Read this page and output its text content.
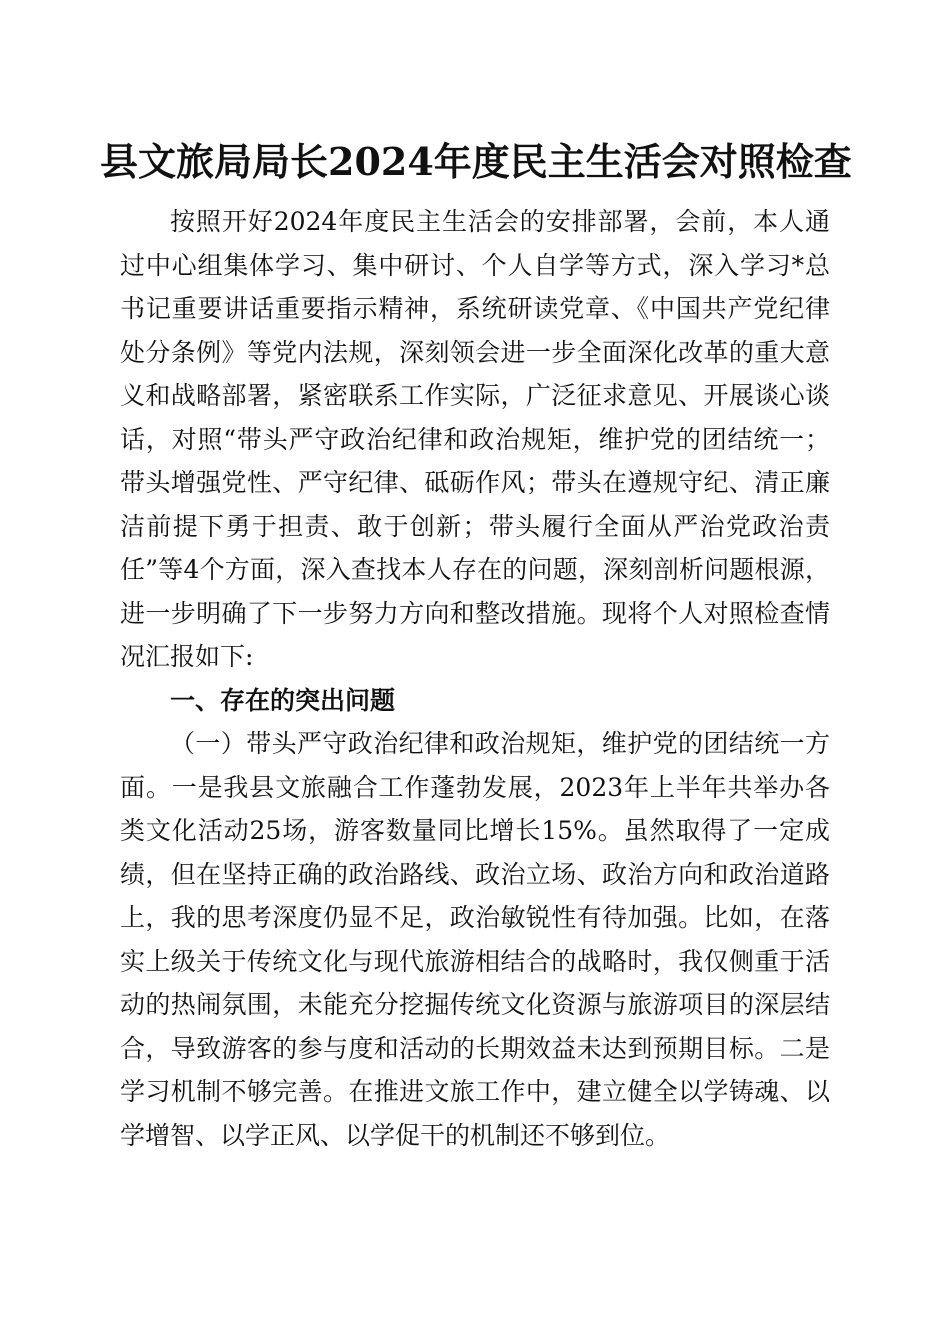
县文旅局局长2024年度民主生活会对照检查

按照开好2024年度民主生活会的安排部署，会前，本人通过中心组集体学习、集中研讨、个人自学等方式，深入学习*总书记重要讲话重要指示精神，系统研读党章、《中国共产党纪律处分条例》等党内法规，深刻领会进一步全面深化改革的重大意义和战略部署，紧密联系工作实际，广泛征求意见、开展谈心谈话，对照“带头严守政治纪律和政治规矩，维护党的团结统一；带头增强党性、严守纪律、砥砺作风；带头在遵规守纪、清正廉洁前提下勇于担责、敢于创新；带头履行全面从严治党政治责任”等4个方面，深入查找本人存在的问题，深刻剖析问题根源，进一步明确了下一步努力方向和整改措施。现将个人对照检查情况汇报如下:

一、存在的突出问题

（一）带头严守政治纪律和政治规矩，维护党的团结统一方面。一是我县文旅融合工作蓬勃发展，2023年上半年共举办各类文化活动25场，游客数量同比增长15%。虽然取得了一定成绩，但在坚持正确的政治路线、政治立场、政治方向和政治道路上，我的思考深度仍显不足，政治敏锐性有待加强。比如，在落实上级关于传统文化与现代旅游相结合的战略时，我仅侧重于活动的热闹氛围，未能充分挖掘传统文化资源与旅游项目的深层结合，导致游客的参与度和活动的长期效益未达到预期目标。二是学习机制不够完善。在推进文旅工作中，建立健全以学铸魂、以学增智、以学正风、以学促干的机制还不够到位。
